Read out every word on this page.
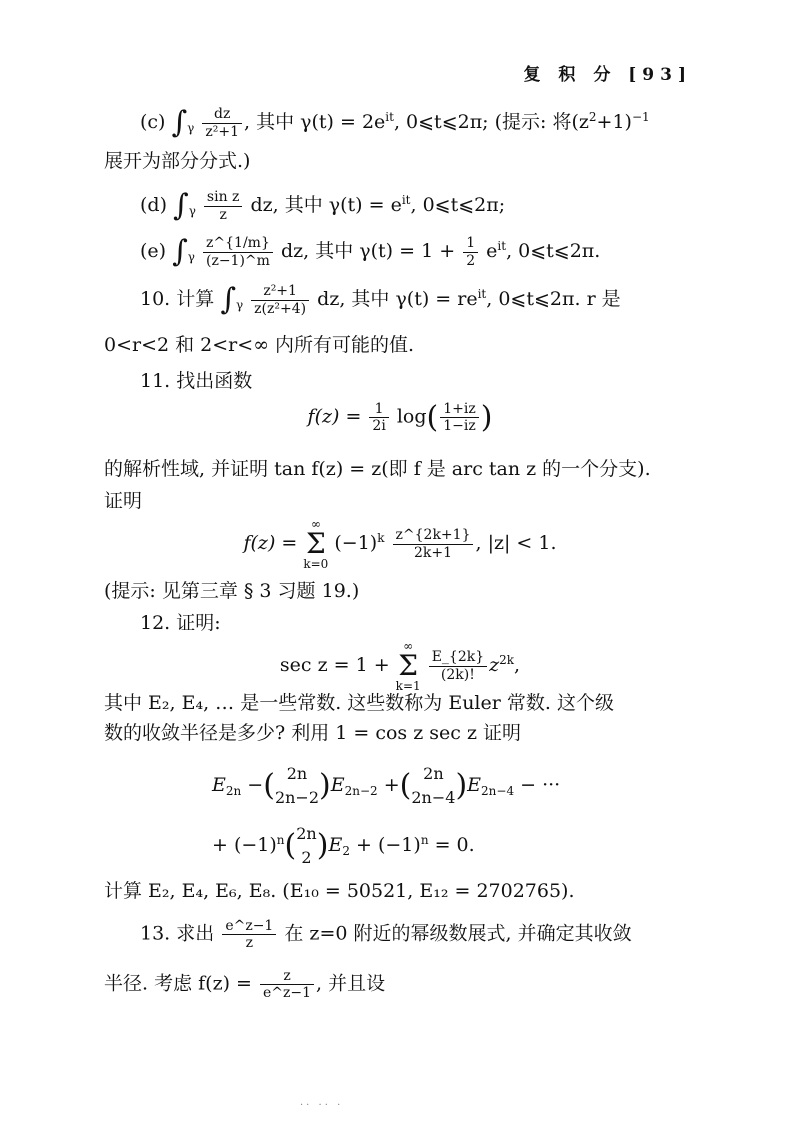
复 积 分 [93]
(c) $\int_\gamma \frac{dz}{\text{z²+1}}$ , 其中 $\gamma(t) = 2e^{it}$, 0⩽t⩽2π; (提示: 将$(z^2+1)^{-1}$
展开为部分分式.)
(d) $\int_\gamma \frac{\text{sin z}}{z}$ dz, 其中 $\gamma(t) = e^{it}$, 0⩽t⩽2π;
(e) $\int_\gamma \frac{z\^{}\{1/m\}}{(z-1)\^{}m}$ dz, 其中 $\gamma(t) = 1 + \frac{1}{2} e^{it}$, 0⩽t⩽2π.
10. 计算 $\int_\gamma \frac{\text{z²+1}}{\text{z(z²+4)}}$ dz, 其中 $\gamma(t) = re^{it}$, 0⩽t⩽2π. r 是
0<r<2 和 2<r<∞ 内所有可能的值.
11. 找出函数
$f(z) = \frac{1}{2i} \log( \frac{1+iz}{1-iz}$ )
的解析性域, 并证明 tan f(z) = z(即 f 是 arc tan z 的一个分支).
证明
f(z) = ∞
Σ
k=0 $(-1)^k \frac{z\^{}\{2k+1\}}{2k+1}$ , |z| < 1.
(提示: 见第三章 § 3 习题 19.)
12. 证明:
sec z = 1 + ∞
Σ
k=1
$\frac{E\_\{2k\}}{(2k)!} z^{2k}$,
其中 E₂, E₄, … 是一些常数. 这些数称为 Euler 常数. 这个级
数的收敛半径是多少? 利用 1 = cos z sec z 证明
$E_{2n}$ −( 2n
2n−2 )$E_{2n-2}$ +( 2n
2n−4 )$E_{2n-4}$ − ···
+ $(-1)^n$( 2n
2 )$E_2 + (-1)^n = 0$.
计算 E₂, E₄, E₆, E₈. (E₁₀ = 50521, E₁₂ = 2702765).
13. 求出 $\frac{e\^{}z-1}{z}$ 在 z=0 附近的幂级数展式, 并确定其收敛
半径. 考虑 $f(z) = \frac{z}{e\^{}z-1}$ , 并且设
·· ·· ·
